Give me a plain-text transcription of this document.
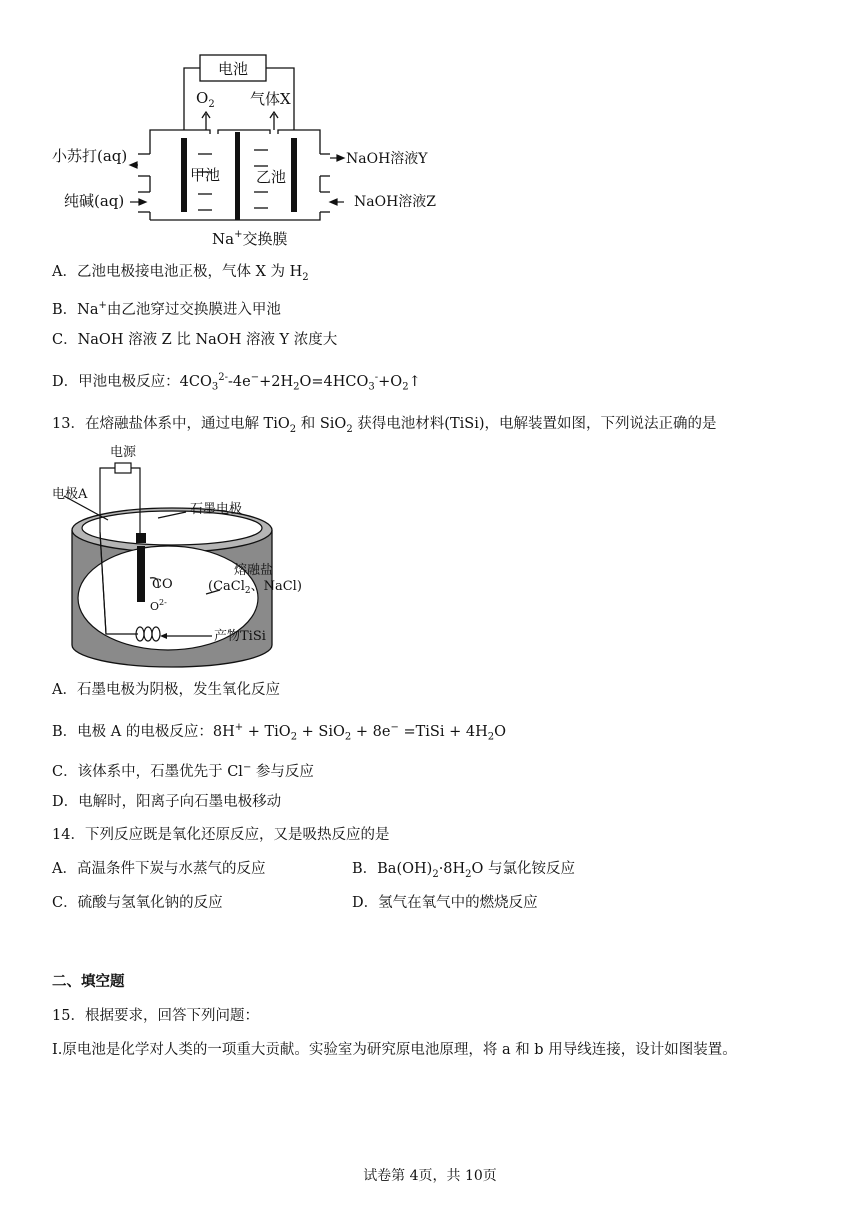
电池
$O_2$ 气体X
小苏打(aq)
纯碱(aq)
甲池 乙池
NaOH溶液Y
NaOH溶液Z
Na+交换膜
A．乙池电极接电池正极，气体 X 为 $H_2$
B．Na+由乙池穿过交换膜进入甲池
C．NaOH 溶液 Z 比 NaOH 溶液 Y 浓度大
D．甲池电极反应：$4CO_3^{2-}-4e^-+2H_2O=4HCO_3^-+O_2↑$
13．在熔融盐体系中，通过电解 TiO$_2$ 和 SiO$_2$ 获得电池材料(TiSi)，电解装置如图，下列说法正确的是
电源
电极A
石墨电极
熔融盐
(CaCl$_2$、NaCl)
CO
$O^{2-}$
产物TiSi
A．石墨电极为阴极，发生氧化反应
B．电极 A 的电极反应：8H+ + TiO$_2$ + SiO$_2$ + 8e− =TiSi + $4H_2O$
C．该体系中，石墨优先于 Cl− 参与反应
D．电解时，阳离子向石墨电极移动
14．下列反应既是氧化还原反应，又是吸热反应的是
A．高温条件下炭与水蒸气的反应	B．$Ba(OH)_2\cdot 8H_2O$ 与氯化铵反应
C．硫酸与氢氧化钠的反应	D．氢气在氧气中的燃烧反应
二、填空题
15．根据要求，回答下列问题：
Ⅰ.原电池是化学对人类的一项重大贡献。实验室为研究原电池原理，将 a 和 b 用导线连接，设计如图装置。
试卷第 4页，共 10页
